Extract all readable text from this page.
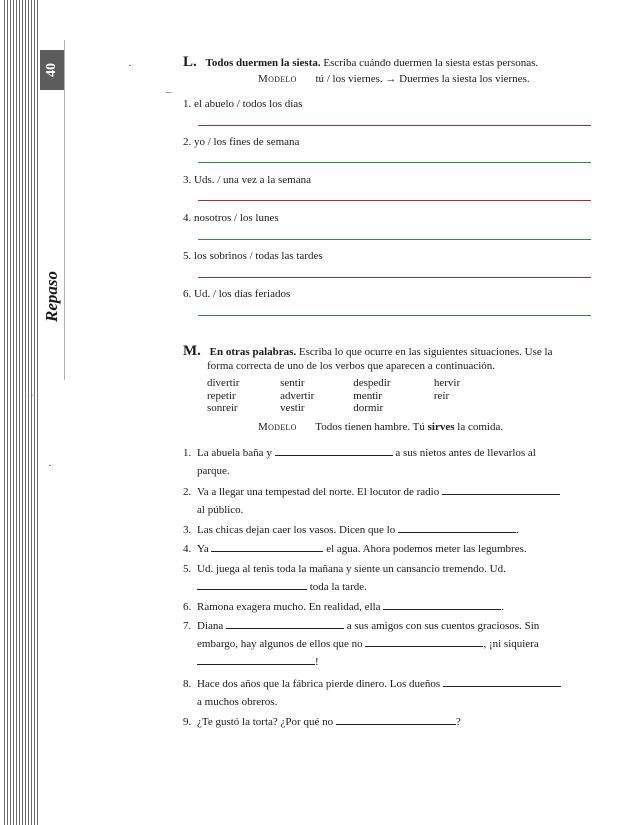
40
Repaso
·
–
·
·
L. Todos duermen la siesta. Escriba cuándo duermen la siesta estas personas.
Modelo tú / los viernes. → Duermes la siesta los viernes.
1. el abuelo / todos los días
2. yo / los fines de semana
3. Uds. / una vez a la semana
4. nosotros / los lunes
5. los sobrinos / todas las tardes
6. Ud. / los días feriados
M. En otras palabras. Escriba lo que ocurre en las siguientes situaciones. Use la
forma correcta de uno de los verbos que aparecen a continuación.
divertir	sentir	despedir	hervir
repetir	advertir	mentir	reír
sonreír	vestir	dormir
Modelo Todos tienen hambre. Tú sirves la comida.
1. La abuela baña y	a sus nietos antes de llevarlos al
parque.
2. Va a llegar una tempestad del norte. El locutor de radio
al público.
3. Las chicas dejan caer los vasos. Dicen que lo	.
4. Ya	el agua. Ahora podemos meter las legumbres.
5. Ud. juega al tenis toda la mañana y siente un cansancio tremendo. Ud.
toda la tarde.
6. Ramona exagera mucho. En realidad, ella	.
7. Diana	a sus amigos con sus cuentos graciosos. Sin
embargo, hay algunos de ellos que no	, ¡ni siquiera
!
8. Hace dos años que la fábrica pierde dinero. Los dueños
a muchos obreros.
9. ¿Te gustó la torta? ¿Por qué no	?
